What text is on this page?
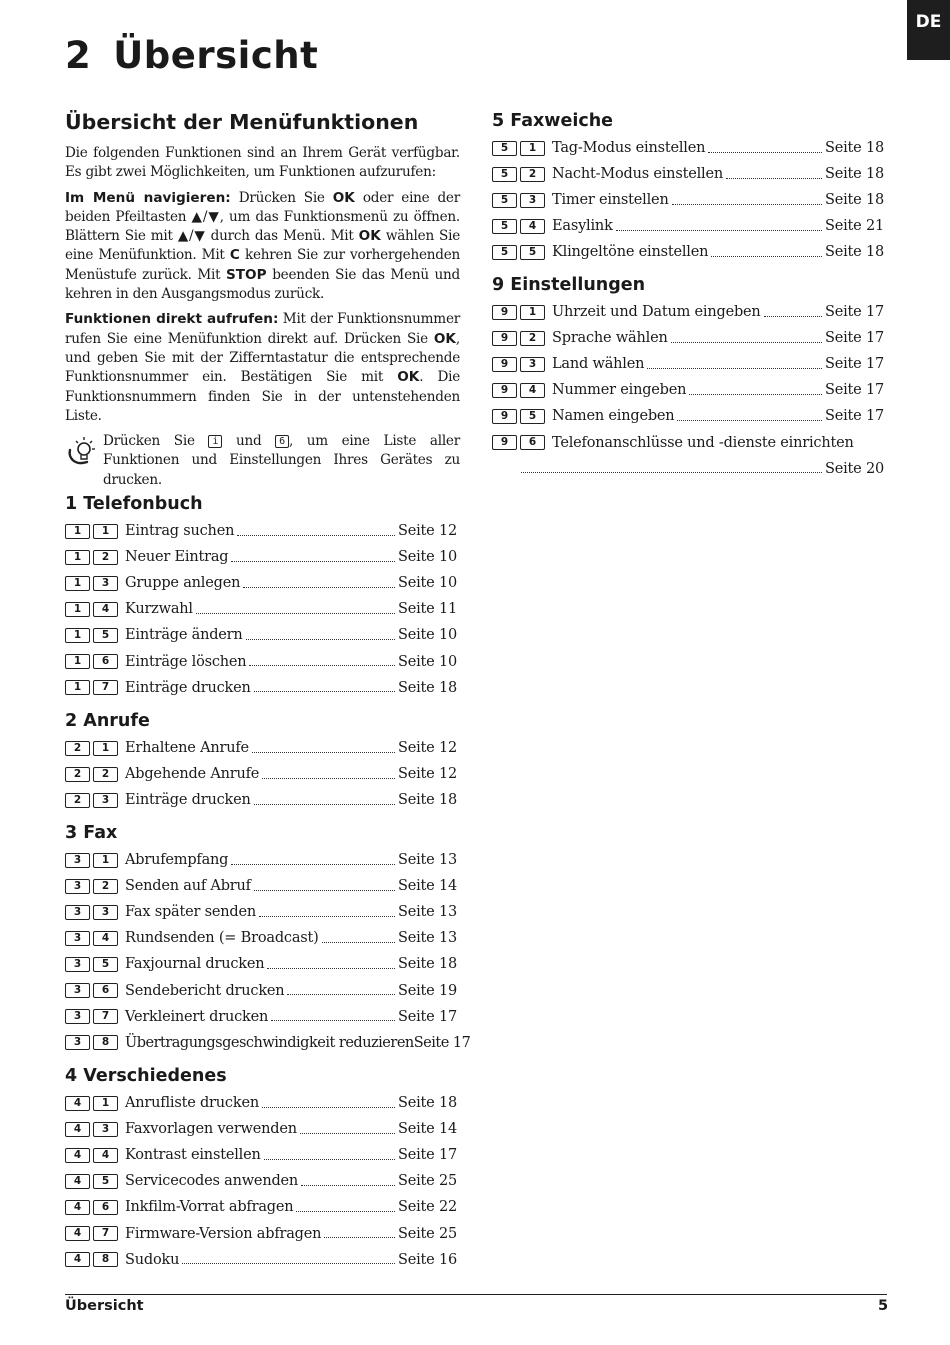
DE
2 Übersicht
Übersicht der Menüfunktionen

Die folgenden Funktionen sind an Ihrem Gerät verfügbar. Es gibt zwei Möglichkeiten, um Funktionen aufzurufen:

Im Menü navigieren: Drücken Sie OK oder eine der beiden Pfeiltasten ▲/▼, um das Funktionsmenü zu öffnen. Blättern Sie mit ▲/▼ durch das Menü. Mit OK wählen Sie eine Menüfunktion. Mit C kehren Sie zur vorhergehenden Menüstufe zurück. Mit STOP beenden Sie das Menü und kehren in den Ausgangsmodus zurück.

Funktionen direkt aufrufen: Mit der Funktionsnummer rufen Sie eine Menüfunktion direkt auf. Drücken Sie OK, und geben Sie mit der Zifferntastatur die entsprechende Funktionsnummer ein. Bestätigen Sie mit OK. Die Funktionsnummern finden Sie in der untenstehenden Liste.

Drücken Sie i und 6 , um eine Liste aller Funktionen und Einstellungen Ihres Gerätes zu drucken.

1 Telefonbuch
1	1	Eintrag suchen	Seite 12
1	2	Neuer Eintrag	Seite 10
1	3	Gruppe anlegen	Seite 10
1	4	Kurzwahl	Seite 11
1	5	Einträge ändern	Seite 10
1	6	Einträge löschen	Seite 10
1	7	Einträge drucken	Seite 18
2 Anrufe
2	1	Erhaltene Anrufe	Seite 12
2	2	Abgehende Anrufe	Seite 12
2	3	Einträge drucken	Seite 18
3 Fax
3	1	Abrufempfang	Seite 13
3	2	Senden auf Abruf	Seite 14
3	3	Fax später senden	Seite 13
3	4	Rundsenden (= Broadcast)	Seite 13
3	5	Faxjournal drucken	Seite 18
3	6	Sendebericht drucken	Seite 19
3	7	Verkleinert drucken	Seite 17
3	8	Übertragungsgeschwindigkeit reduzieren Seite 17
4 Verschiedenes
4	1	Anrufliste drucken	Seite 18
4	3	Faxvorlagen verwenden	Seite 14
4	4	Kontrast einstellen	Seite 17
4	5	Servicecodes anwenden	Seite 25
4	6	Inkfilm-Vorrat abfragen	Seite 22
4	7	Firmware-Version abfragen	Seite 25
4	8	Sudoku	Seite 16
5 Faxweiche
5	1	Tag-Modus einstellen	Seite 18
5	2	Nacht-Modus einstellen	Seite 18
5	3	Timer einstellen	Seite 18
5	4	Easylink	Seite 21
5	5	Klingeltöne einstellen	Seite 18
9 Einstellungen
9	1	Uhrzeit und Datum eingeben	Seite 17
9	2	Sprache wählen	Seite 17
9	3	Land wählen	Seite 17
9	4	Nummer eingeben	Seite 17
9	5	Namen eingeben	Seite 17
9	6	Telefonanschlüsse und -dienste einrichten
Seite 20
Übersicht	5
